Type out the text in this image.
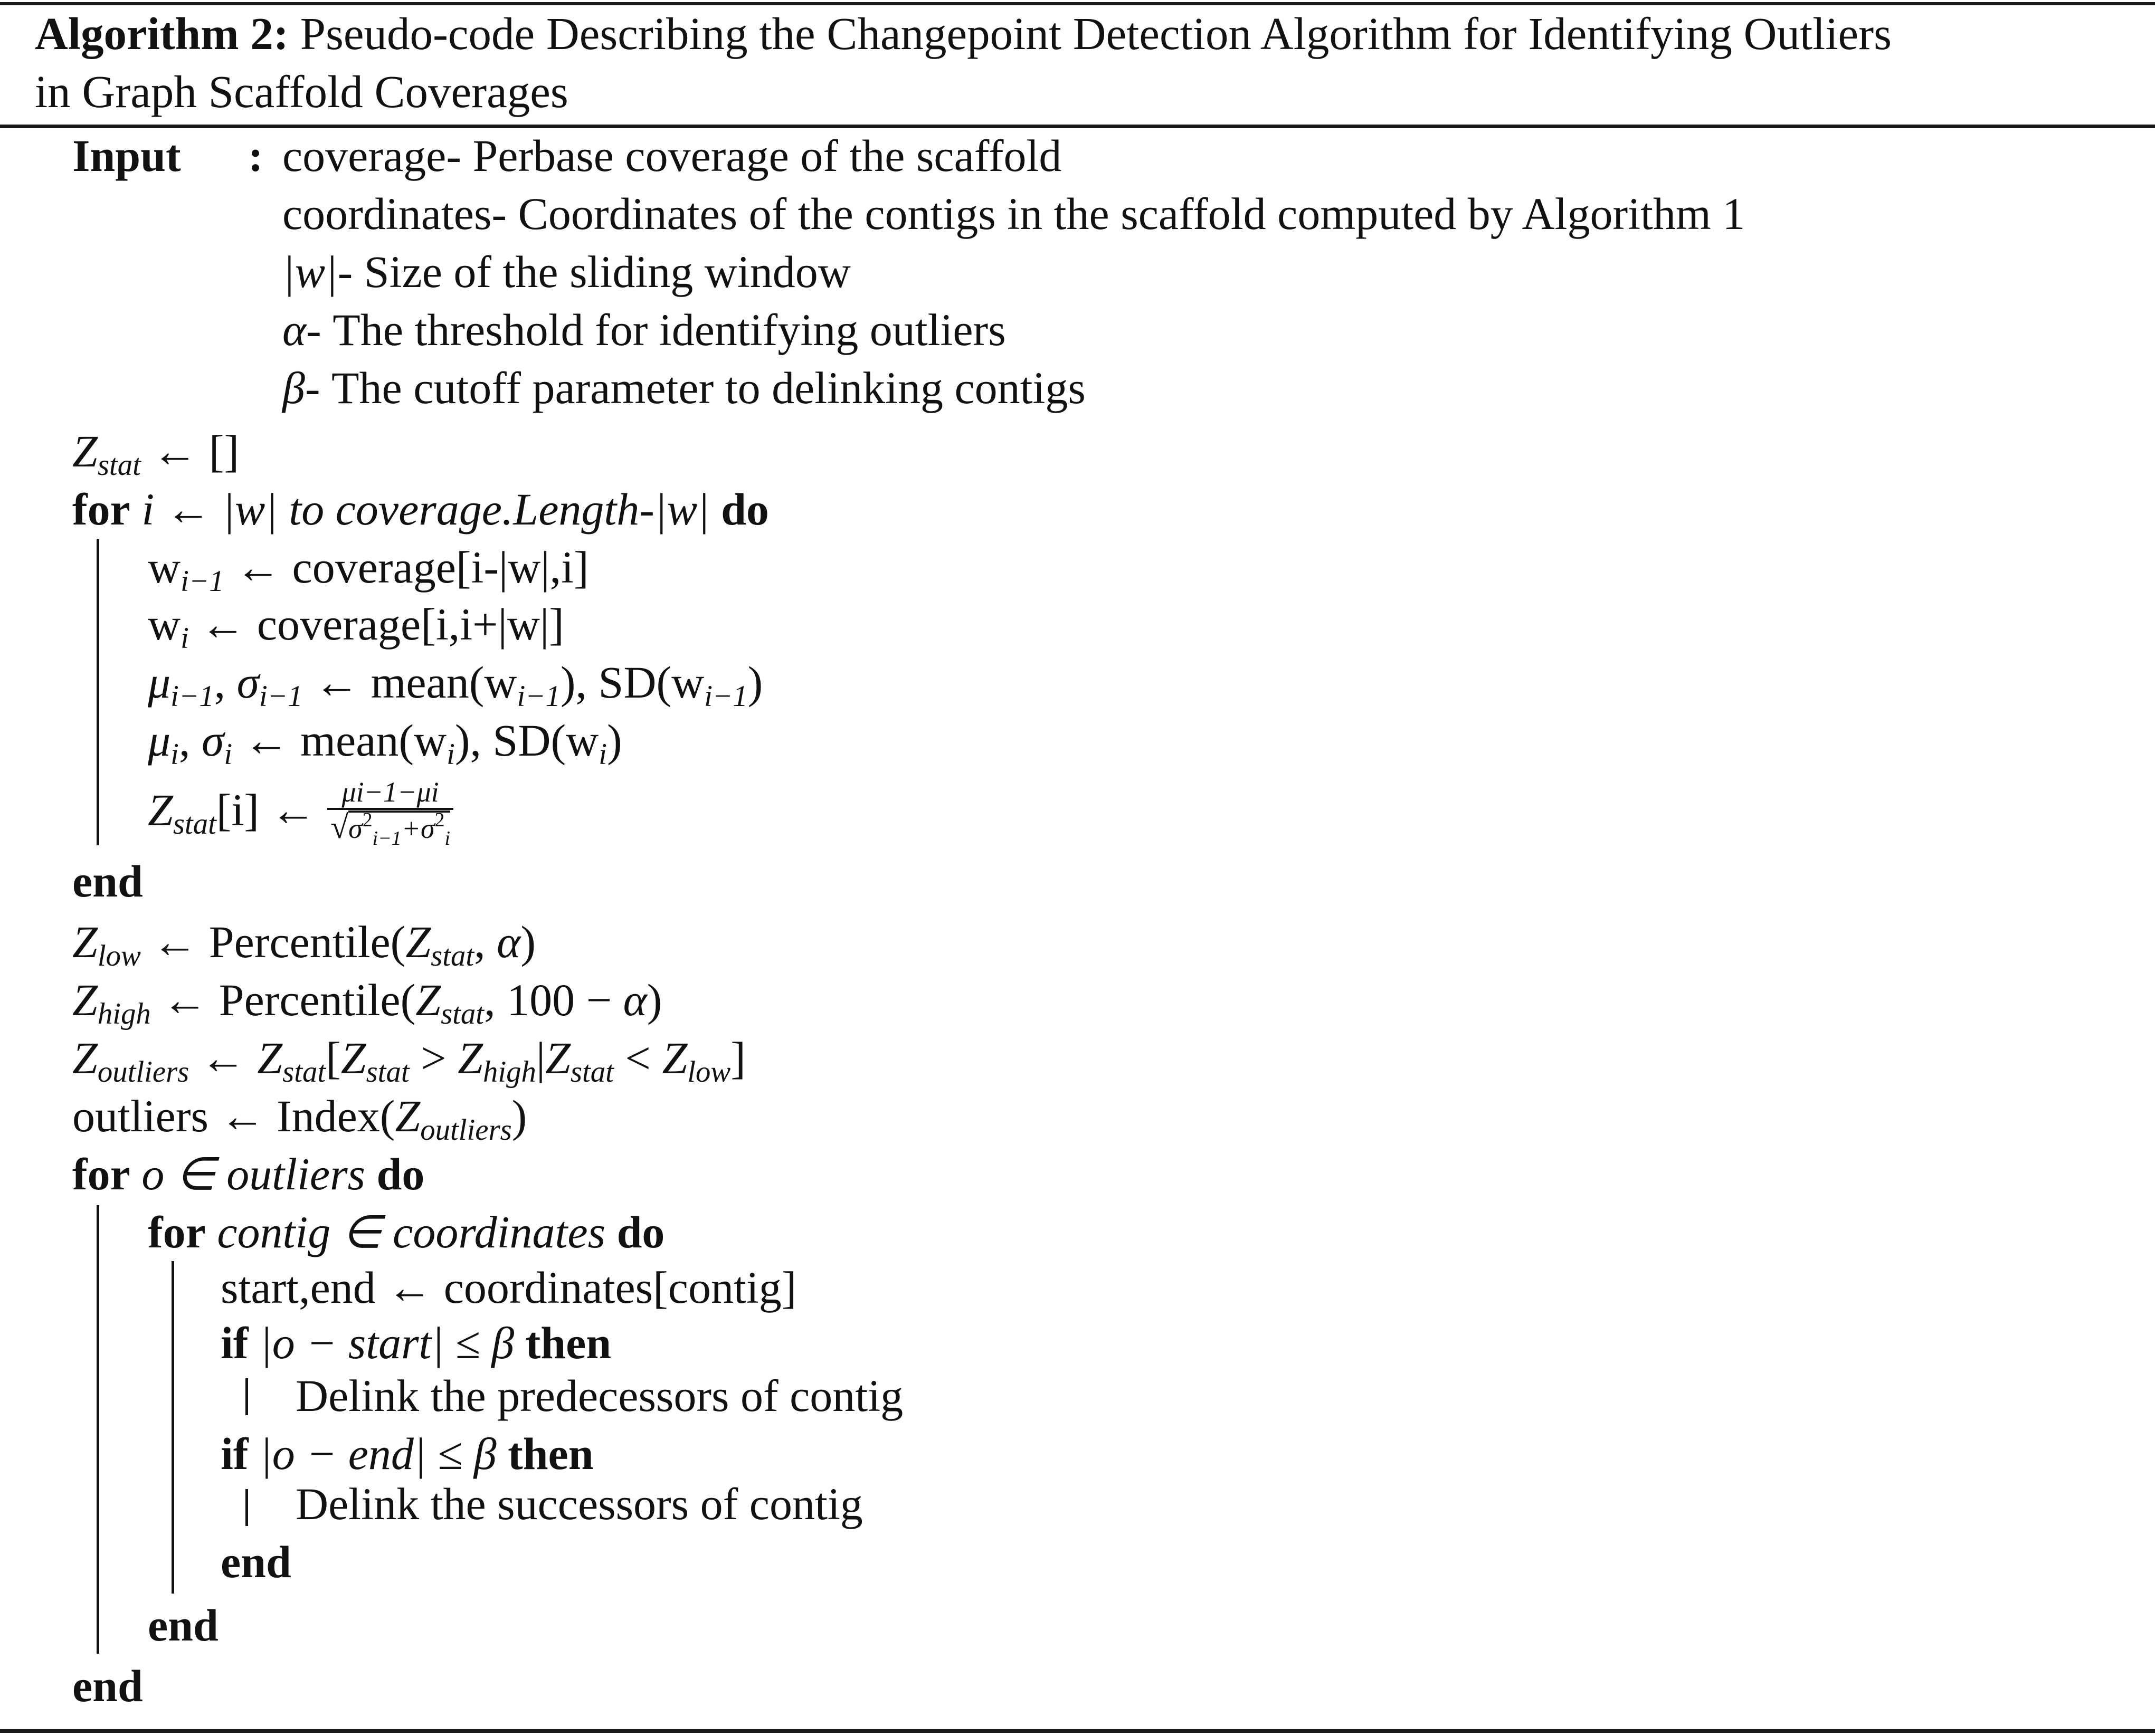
Algorithm 2: Pseudo-code Describing the Changepoint Detection Algorithm for Identifying Outliers
in Graph Scaffold Coverages
Input : coverage- Perbase coverage of the scaffold
coordinates- Coordinates of the contigs in the scaffold computed by Algorithm 1
|w|- Size of the sliding window
α- The threshold for identifying outliers
β- The cutoff parameter to delinking contigs
Zstat ← []
for i ← |w| to coverage.Length-|w| do
wi−1 ← coverage[i-|w|,i]
wi ← coverage[i,i+|w|]
μi−1, σi−1 ← mean(wi−1), SD(wi−1)
μi, σi ← mean(wi), SD(wi)
Zstat[i] ← $\frac{\mu i-1-\mu i}{√\sigma^2_{i-1}+\sigma^2_i}$
end
Zlow ← Percentile(Zstat, α)
Zhigh ← Percentile(Zstat, 100 − α)
Zoutliers ← Zstat[Zstat > Zhigh|Zstat < Zlow]
outliers ← Index(Zoutliers)
for o ∈ outliers do
for contig ∈ coordinates do
start,end ← coordinates[contig]
if |o − start| ≤ β then
Delink the predecessors of contig
if |o − end| ≤ β then
Delink the successors of contig
end
end
end
